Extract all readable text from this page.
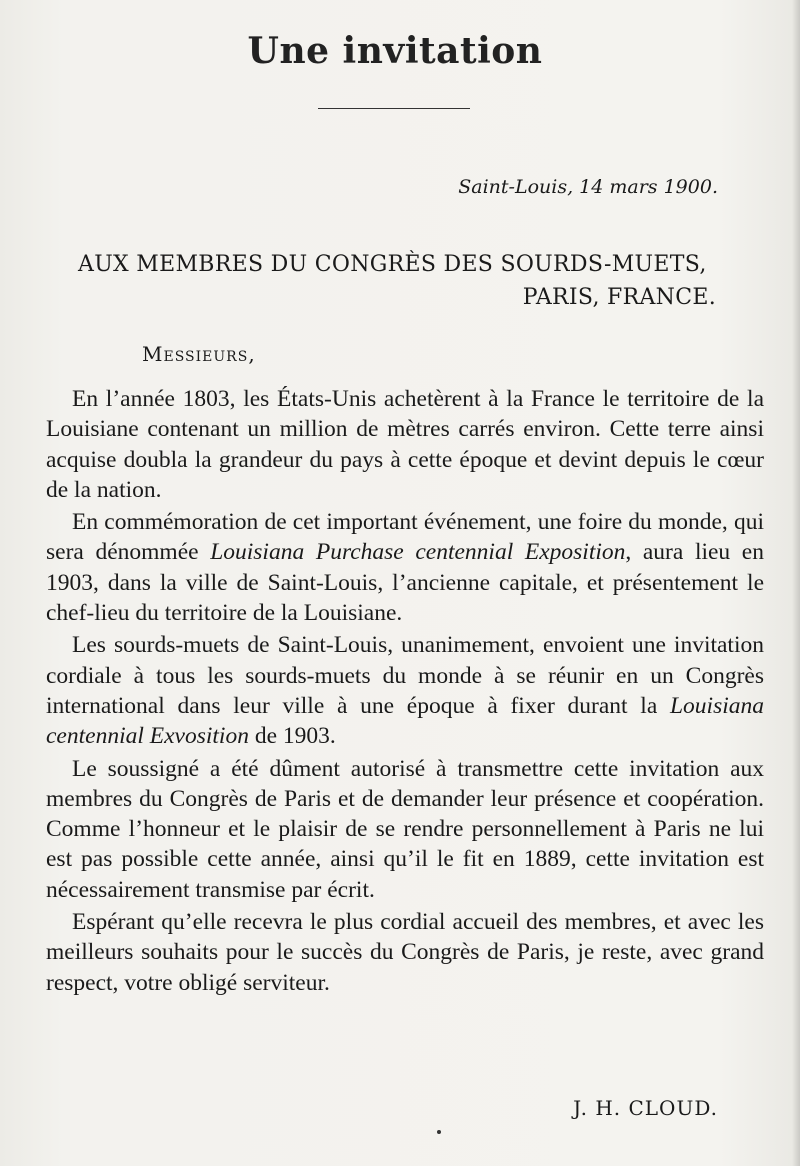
Une invitation
Saint-Louis, 14 mars 1900.
AUX MEMBRES DU CONGRÈS DES SOURDS-MUETS,
PARIS, FRANCE.
Messieurs,

En l’année 1803, les États-Unis achetèrent à la France le territoire de la Louisiane contenant un million de mètres carrés environ. Cette terre ainsi acquise doubla la grandeur du pays à cette époque et devint depuis le cœur de la nation.

En commémoration de cet important événement, une foire du monde, qui sera dénommée Louisiana Purchase centennial Exposition, aura lieu en 1903, dans la ville de Saint-Louis, l’ancienne capitale, et présentement le chef-lieu du territoire de la Louisiane.

Les sourds-muets de Saint-Louis, unanimement, envoient une invitation cordiale à tous les sourds-muets du monde à se réunir en un Congrès international dans leur ville à une époque à fixer durant la Louisiana centennial Exvosition de 1903.

Le soussigné a été dûment autorisé à transmettre cette invitation aux membres du Congrès de Paris et de demander leur présence et coopération. Comme l’honneur et le plaisir de se rendre personnellement à Paris ne lui est pas possible cette année, ainsi qu’il le fit en 1889, cette invitation est nécessairement transmise par écrit.

Espérant qu’elle recevra le plus cordial accueil des membres, et avec les meilleurs souhaits pour le succès du Congrès de Paris, je reste, avec grand respect, votre obligé serviteur.

J. H. CLOUD.
